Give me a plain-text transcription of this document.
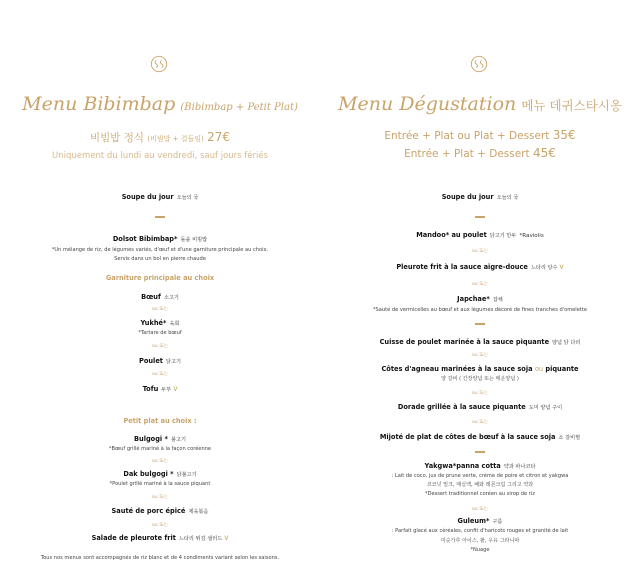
Menu Bibimbap (Bibimbap + Petit Plat)
비빔밥 정식 (비빔밥 + 결들임) 27€
Uniquement du lundi au vendredi, sauf jours fériés
Soupe du jour 오늘의 국
Dolsot Bibimbap* 돌솥 비빔밥
*Un mélange de riz, de légumes variés, d'œuf et d'une garniture principale au choix.
Servis dans un bol en pierre chaude
Garniture principale au choix
Bœuf 소고기
ou 또는
Yukhé* 육회
*Tartare de bœuf
ou 또는
Poulet 닭고기
ou 또는
Tofu 두부 V
Petit plat au choix :
Bulgogi * 불고기
*Bœuf grillé mariné à la façon coréenne
ou 또는
Dak bulgogi * 닭불고기
*Poulet grillé mariné à la sauce piquant
ou 또는
Sauté de porc épicé 제육볶음
ou 또는
Salade de pleurote frit 느타리 튀김 샐러드 V
Tous nos menus sont accompagnés de riz blanc et de 4 condiments variant selon les saisons.
Menu Dégustation 메뉴 데귀스타시옹
Entrée + Plat ou Plat + Dessert 35€
Entrée + Plat + Dessert 45€
Soupe du jour 오늘의 국
Mandoo* au poulet 닭고기 만두 *Raviolis
ou 또는
Pleurote frit à la sauce aigre-douce 느타리 탕수 V
ou 또는
Japchae* 잡채
*Sauté de vermicelles au bœuf et aux légumes décoré de fines tranches d'omelette
Cuisse de poulet marinée à la sauce piquante 양념 닭 다리
ou 또는
Côtes d'agneau marinées à la sauce soja ou piquante
양 갈비 ( 간장양념 또는 매운양념 )
ou 또는
Dorade grillée à la sauce piquante 도미 양념 구이
ou 또는
Mijoté de plat de côtes de bœuf à la sauce soja 소 갈비찜
Yakgwa*panna cotta 약과 파나코타
: Lait de coco, jus de prune verte, crème de poire et citron et yakgwa
코코넛 밀크, 매실액, 배와 레몬크림 그리고 약과
*Dessert traditionnel coréen au sirop de riz
ou 또는
Guleum* 구름
: Parfait glacé aux céréales, confit d'haricots rouges et granité de lait
미숫가루 아이스, 팥, 우유 그라니따
*Nuage
